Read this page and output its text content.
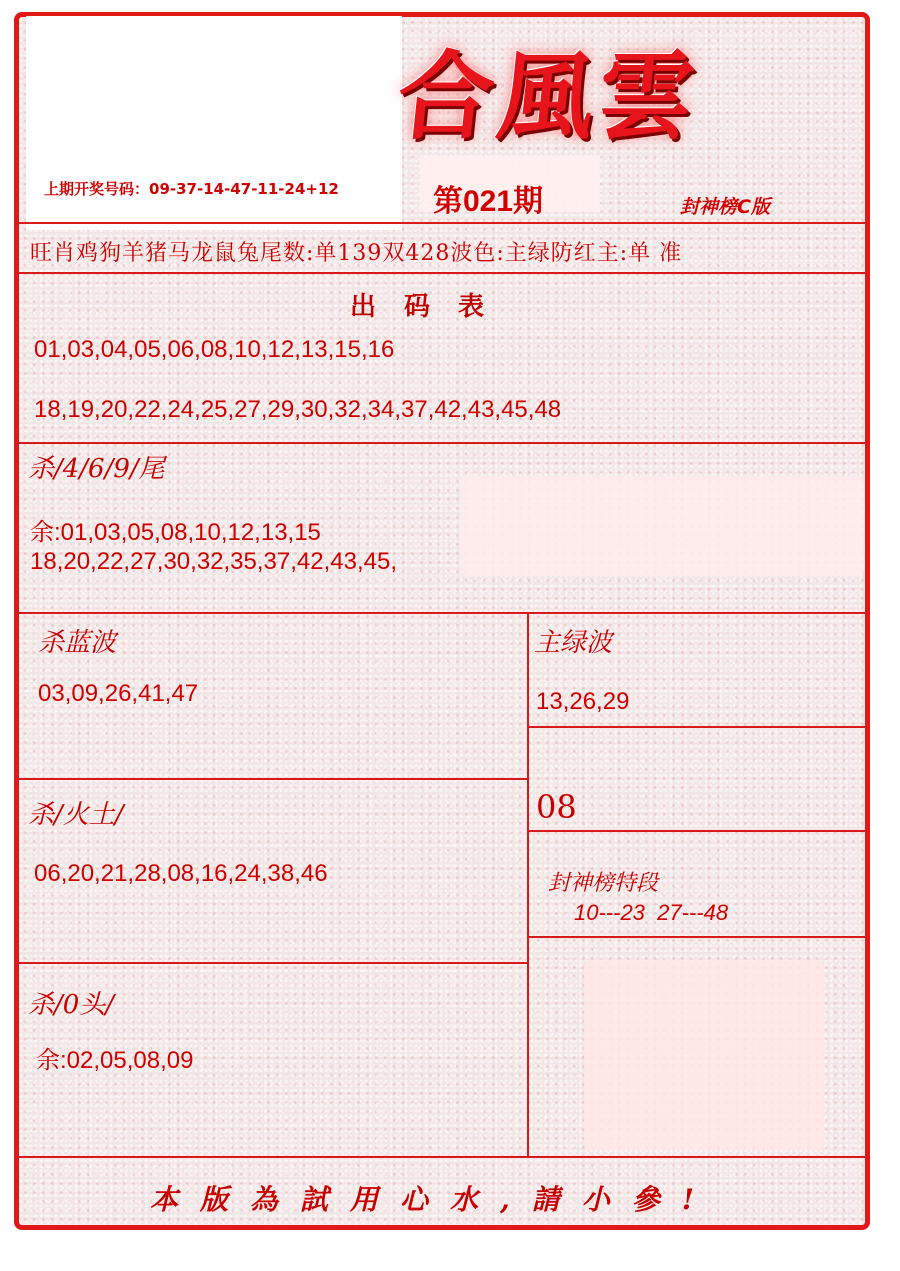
合風雲
上期开奖号码：09-37-14-47-11-24+12	第021期	封神榜C版
旺肖鸡狗羊猪马龙鼠兔尾数:单139双428波色:主绿防红主:单 准
出码表
01,03,04,05,06,08,10,12,13,15,16
18,19,20,22,24,25,27,29,30,32,34,37,42,43,45,48
杀/4/6/9/尾
余:01,03,05,08,10,12,13,15
18,20,22,27,30,32,35,37,42,43,45,
杀蓝波
03,09,26,41,47
主绿波
13,26,29
08
杀/火土/
06,20,21,28,08,16,24,38,46	封神榜特段
10---23  27---48
杀/0头/
余:02,05,08,09
本版為試用心水,請小參!
